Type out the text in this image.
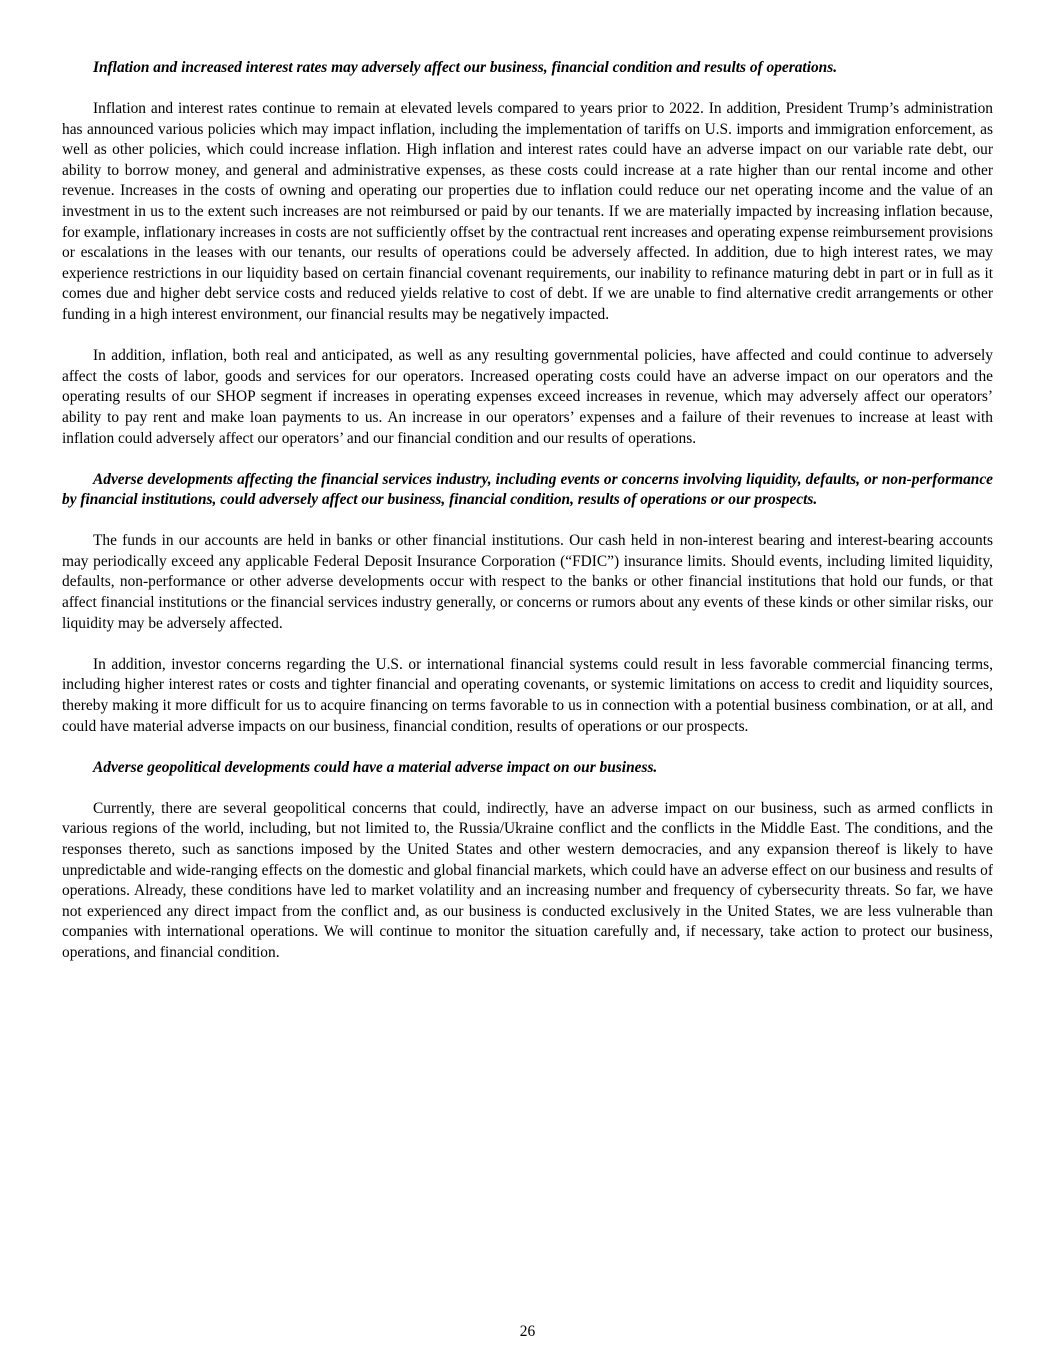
Inflation and increased interest rates may adversely affect our business, financial condition and results of operations.

Inflation and interest rates continue to remain at elevated levels compared to years prior to 2022. In addition, President Trump’s administration has announced various policies which may impact inflation, including the implementation of tariffs on U.S. imports and immigration enforcement, as well as other policies, which could increase inflation. High inflation and interest rates could have an adverse impact on our variable rate debt, our ability to borrow money, and general and administrative expenses, as these costs could increase at a rate higher than our rental income and other revenue. Increases in the costs of owning and operating our properties due to inflation could reduce our net operating income and the value of an investment in us to the extent such increases are not reimbursed or paid by our tenants. If we are materially impacted by increasing inflation because, for example, inflationary increases in costs are not sufficiently offset by the contractual rent increases and operating expense reimbursement provisions or escalations in the leases with our tenants, our results of operations could be adversely affected. In addition, due to high interest rates, we may experience restrictions in our liquidity based on certain financial covenant requirements, our inability to refinance maturing debt in part or in full as it comes due and higher debt service costs and reduced yields relative to cost of debt. If we are unable to find alternative credit arrangements or other funding in a high interest environment, our financial results may be negatively impacted.

In addition, inflation, both real and anticipated, as well as any resulting governmental policies, have affected and could continue to adversely affect the costs of labor, goods and services for our operators. Increased operating costs could have an adverse impact on our operators and the operating results of our SHOP segment if increases in operating expenses exceed increases in revenue, which may adversely affect our operators’ ability to pay rent and make loan payments to us. An increase in our operators’ expenses and a failure of their revenues to increase at least with inflation could adversely affect our operators’ and our financial condition and our results of operations.

Adverse developments affecting the financial services industry, including events or concerns involving liquidity, defaults, or non-performance by financial institutions, could adversely affect our business, financial condition, results of operations or our prospects.

The funds in our accounts are held in banks or other financial institutions. Our cash held in non-interest bearing and interest-bearing accounts may periodically exceed any applicable Federal Deposit Insurance Corporation (“FDIC”) insurance limits. Should events, including limited liquidity, defaults, non-performance or other adverse developments occur with respect to the banks or other financial institutions that hold our funds, or that affect financial institutions or the financial services industry generally, or concerns or rumors about any events of these kinds or other similar risks, our liquidity may be adversely affected.

In addition, investor concerns regarding the U.S. or international financial systems could result in less favorable commercial financing terms, including higher interest rates or costs and tighter financial and operating covenants, or systemic limitations on access to credit and liquidity sources, thereby making it more difficult for us to acquire financing on terms favorable to us in connection with a potential business combination, or at all, and could have material adverse impacts on our business, financial condition, results of operations or our prospects.

Adverse geopolitical developments could have a material adverse impact on our business.

Currently, there are several geopolitical concerns that could, indirectly, have an adverse impact on our business, such as armed conflicts in various regions of the world, including, but not limited to, the Russia/Ukraine conflict and the conflicts in the Middle East. The conditions, and the responses thereto, such as sanctions imposed by the United States and other western democracies, and any expansion thereof is likely to have unpredictable and wide-ranging effects on the domestic and global financial markets, which could have an adverse effect on our business and results of operations. Already, these conditions have led to market volatility and an increasing number and frequency of cybersecurity threats. So far, we have not experienced any direct impact from the conflict and, as our business is conducted exclusively in the United States, we are less vulnerable than companies with international operations. We will continue to monitor the situation carefully and, if necessary, take action to protect our business, operations, and financial condition.

26
